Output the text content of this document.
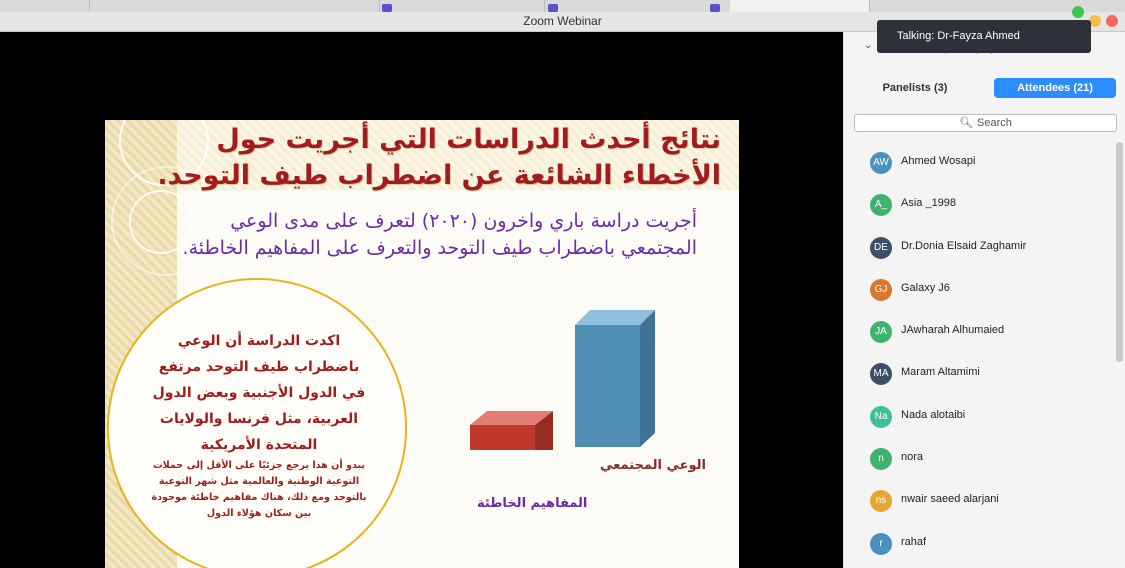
Zoom Webinar
نتائج أحدث الدراسات التي أجريت حول الأخطاء الشائعة عن اضطراب طيف التوحد.
أجريت دراسة باري واخرون (٢٠٢٠) لتعرف على مدى الوعي المجتمعي باضطراب طيف التوحد والتعرف على المفاهيم الخاطئة.
اكدت الدراسة أن الوعي باضطراب طيف التوحد مرتفع في الدول الأجنبية وبعض الدول العربية، مثل فرنسا والولايات المتحدة الأمريكية
يبدو أن هذا يرجع جزئيًا على الأقل إلى حملات التوعية الوطنية والعالمية مثل شهر التوعية بالتوحد ومع ذلك، هناك مفاهيم خاطئة موجودة بين سكان هؤلاء الدول
الوعي المجتمعي
المفاهيم الخاطئة
⌄
Panelists (3)	Attendees (21)
🔍︎ Search
AW Ahmed Wosapi
A_	Asia _1998
DE	Dr.Donia Elsaid Zaghamir
GJ	Galaxy J6
JA	JAwharah Alhumaied
MA	Maram Altamimi
Na	Nada alotaibi
n	nora
ns	nwair saeed alarjani
r	rahaf
Talking: Dr-Fayza Ahmed
